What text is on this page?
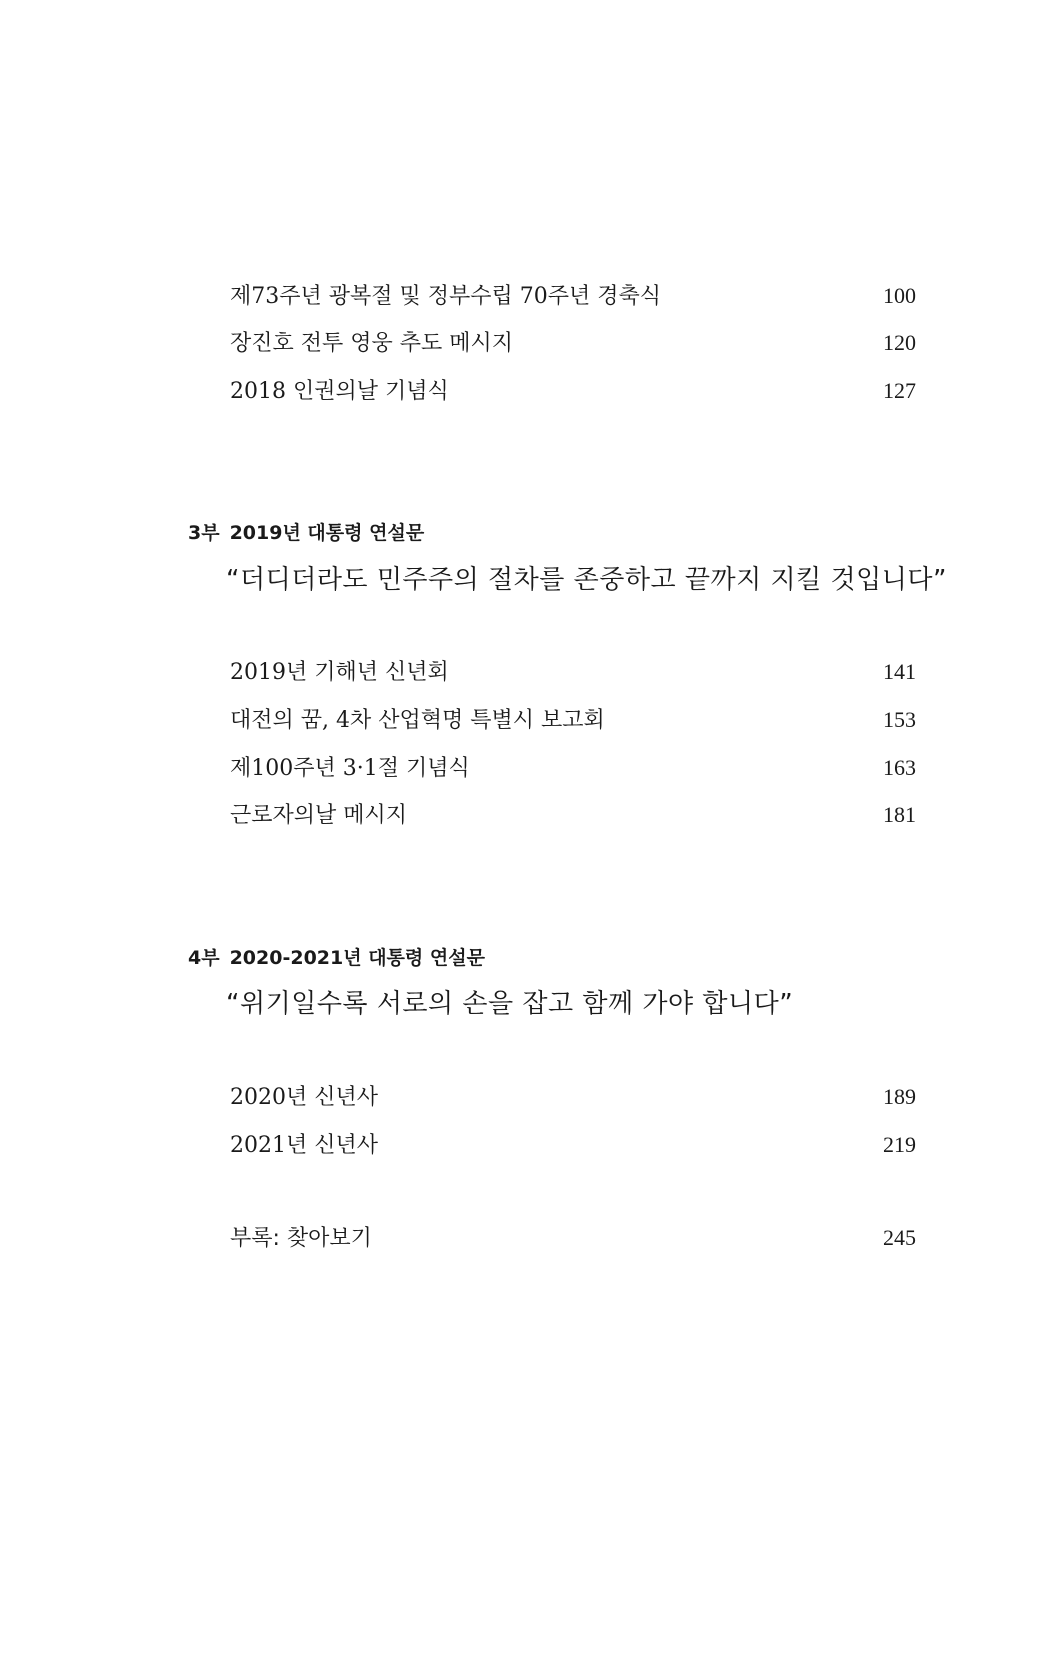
제73주년 광복절 및 정부수립 70주년 경축식	100
장진호 전투 영웅 추도 메시지	120
2018 인권의날 기념식	127
3부 2019년 대통령 연설문
“더디더라도 민주주의 절차를 존중하고 끝까지 지킬 것입니다”
2019년 기해년 신년회	141
대전의 꿈, 4차 산업혁명 특별시 보고회	153
제100주년 3·1절 기념식	163
근로자의날 메시지	181
4부 2020-2021년 대통령 연설문
“위기일수록 서로의 손을 잡고 함께 가야 합니다”
2020년 신년사	189
2021년 신년사	219
부록: 찾아보기	245
